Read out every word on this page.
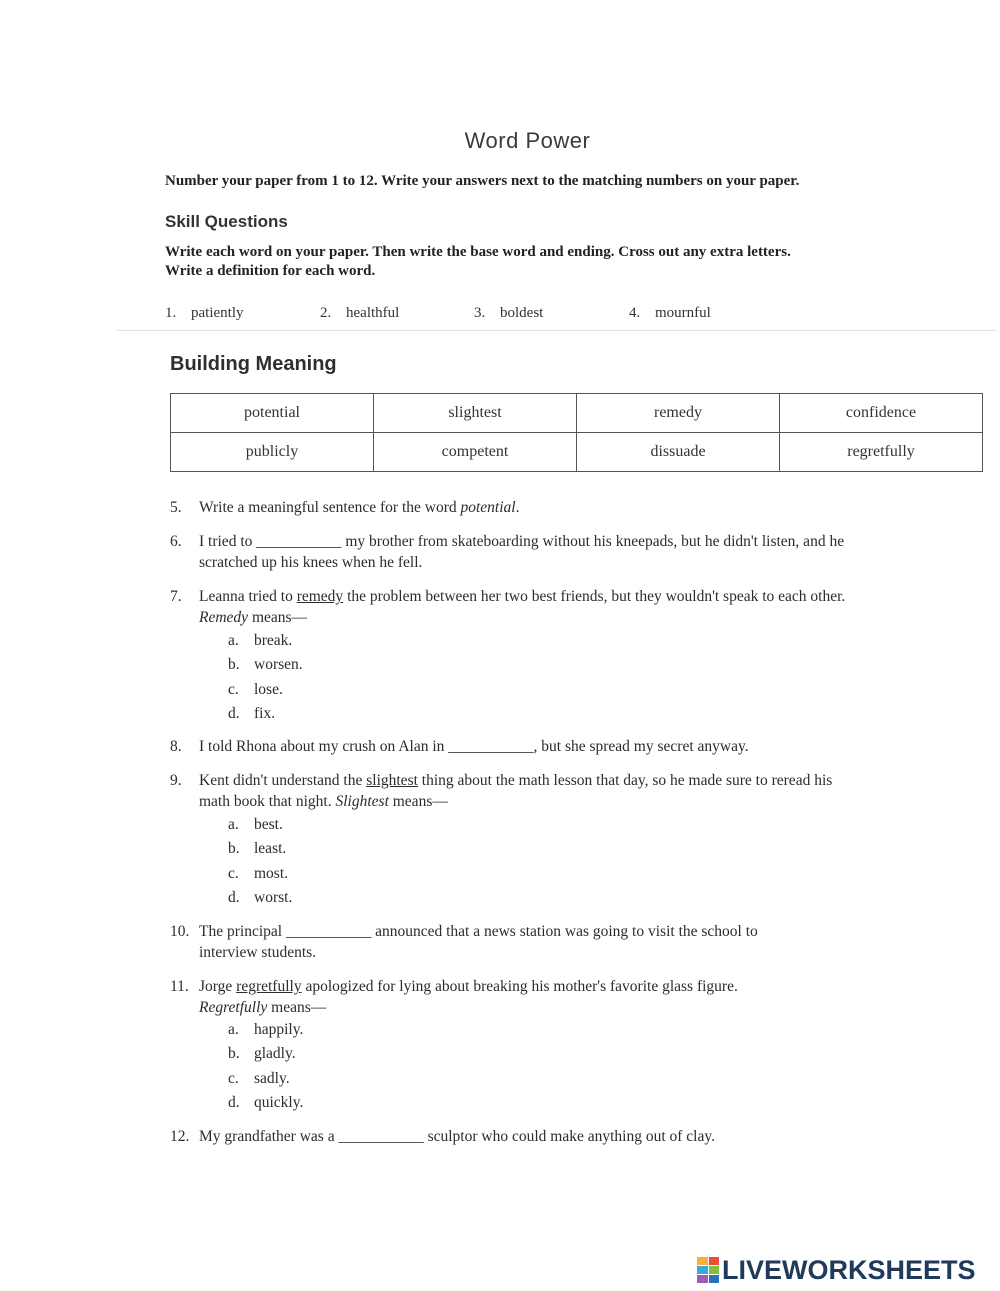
Word Power
Number your paper from 1 to 12. Write your answers next to the matching numbers on your paper.
Skill Questions
Write each word on your paper. Then write the base word and ending. Cross out any extra letters.
Write a definition for each word.
1. patiently	2. healthful	3. boldest	4. mournful
Building Meaning
potential	slightest	remedy	confidence
publicly	competent	dissuade	regretfully
5.	Write a meaningful sentence for the word potential.
6.	I tried to ___________ my brother from skateboarding without his kneepads, but he didn't listen, and he
scratched up his knees when he fell.
7.	Leanna tried to remedy the problem between her two best friends, but they wouldn't speak to each other.
Remedy means—
a. break.
b. worsen.
c. lose.
d. fix.
8.	I told Rhona about my crush on Alan in ___________, but she spread my secret anyway.
9.	Kent didn't understand the slightest thing about the math lesson that day, so he made sure to reread his
math book that night. Slightest means—
a. best.
b. least.
c. most.
d. worst.
10. The principal ___________ announced that a news station was going to visit the school to
interview students.
11. Jorge regretfully apologized for lying about breaking his mother's favorite glass figure.
Regretfully means—
a. happily.
b. gladly.
c. sadly.
d. quickly.
12. My grandfather was a ___________ sculptor who could make anything out of clay.
LIVEWORKSHEETS
